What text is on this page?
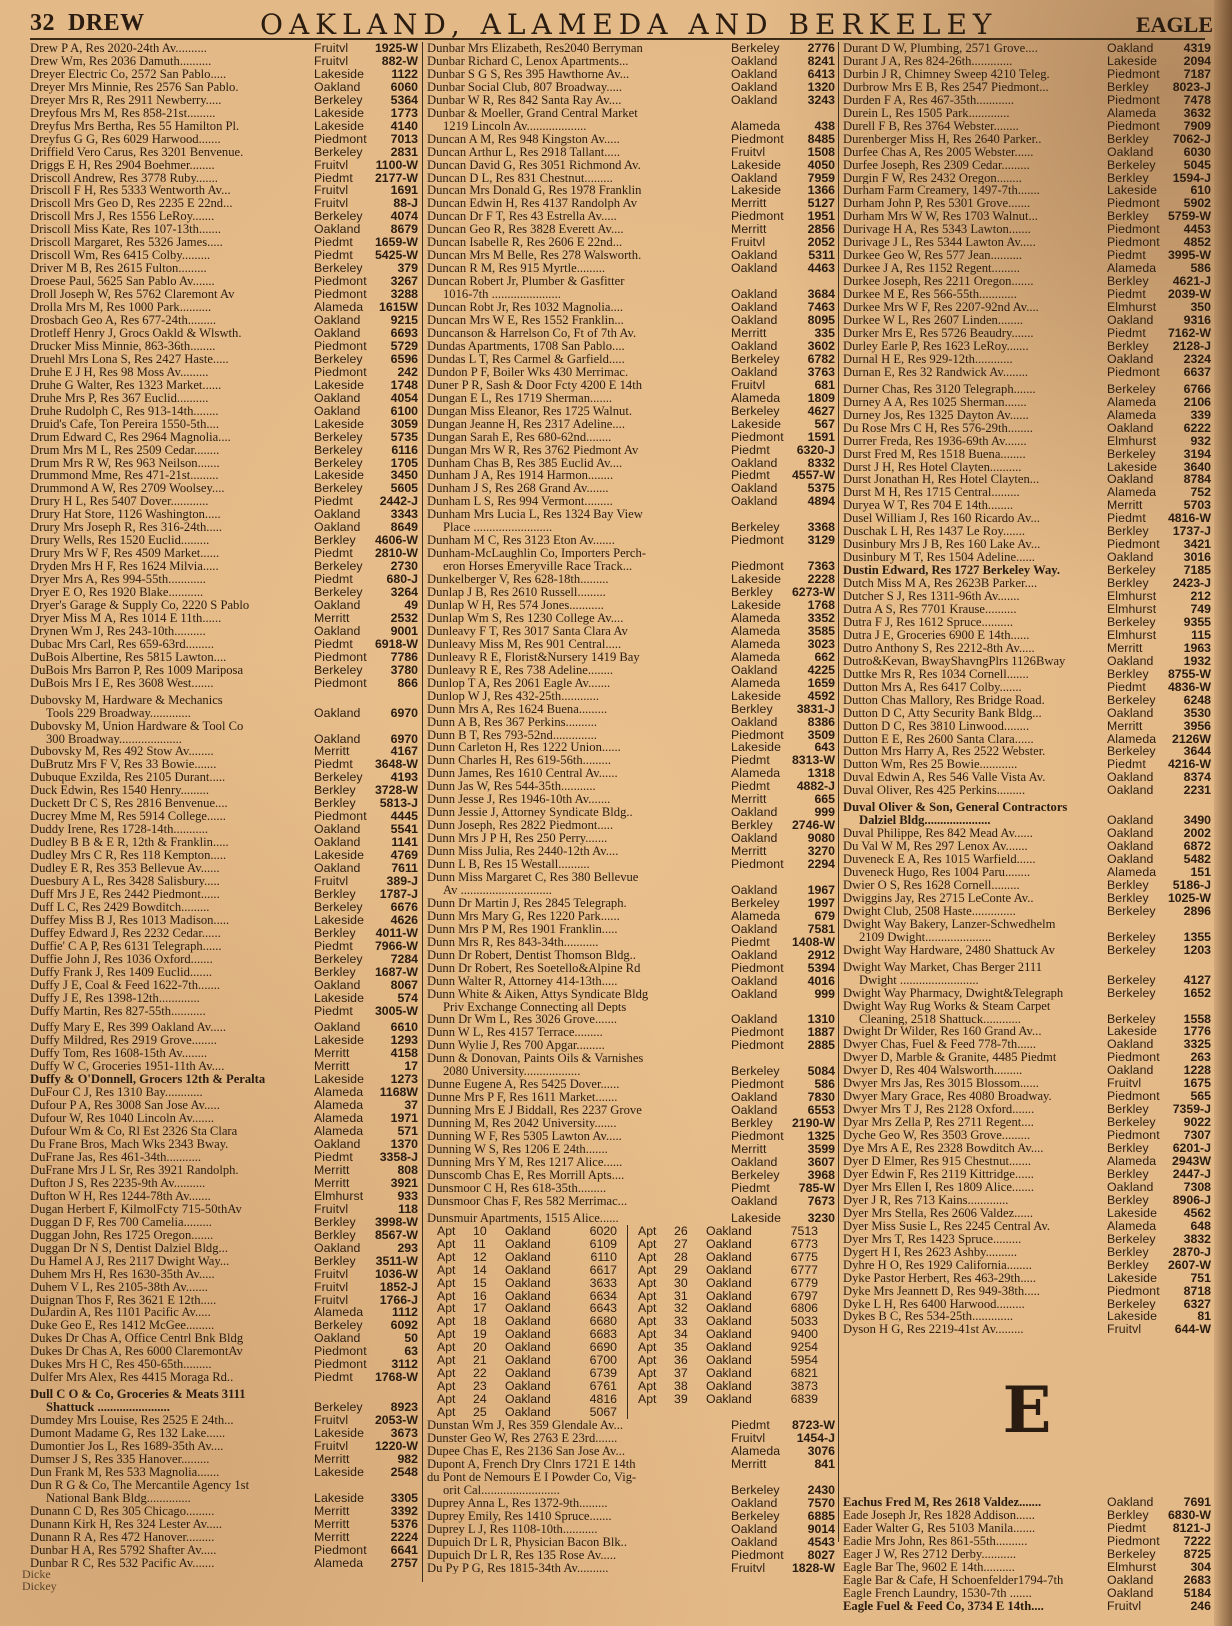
32 DREW	OAKLAND, ALAMEDA AND BERKELEY	EAGLE
Drew P A, Res 2020-24th Av..........	Fruitvl	1925-W
Drew Wm, Res 2036 Damuth..........	Fruitvl	882-W
Dreyer Electric Co, 2572 San Pablo.....	Lakeside	1122
Dreyer Mrs Minnie, Res 2576 San Pablo.	Oakland	6060
Dreyer Mrs R, Res 2911 Newberry.....	Berkeley	5364
Dreyfous Mrs M, Res 858-21st.........	Lakeside	1773
Dreyfus Mrs Bertha, Res 55 Hamilton Pl.	Lakeside	4140
Dreyfus G G, Res 6029 Harwood.......	Piedmont	7013
Driffield Vero Carus, Res 3201 Benvenue.	Berkeley	2831
Driggs E H, Res 2904 Boehmer........	Fruitvl	1100-W
Driscoll Andrew, Res 3778 Ruby.......	Piedmt	2177-W
Driscoll F H, Res 5333 Wentworth Av...	Fruitvl	1691
Driscoll Mrs Geo D, Res 2235 E 22nd...	Fruitvl	88-J
Driscoll Mrs J, Res 1556 LeRoy.......	Berkeley	4074
Driscoll Miss Kate, Res 107-13th.......	Oakland	8679
Driscoll Margaret, Res 5326 James.....	Piedmt	1659-W
Driscoll Wm, Res 6415 Colby.........	Piedmt	5425-W
Driver M B, Res 2615 Fulton.........	Berkeley	379
Droese Paul, 5625 San Pablo Av.......	Piedmont	3267
Droll Joseph W, Res 5762 Claremont Av	Piedmont	3288
Drolla Mrs M, Res 1000 Park..........	Alameda	1615W
Drosbach Geo A, Res 677-24th.........	Oakland	9215
Drotleff Henry J, Grocs Oakld & Wlswth.	Oakland	6693
Drucker Miss Minnie, 863-36th........	Piedmont	5729
Druehl Mrs Lona S, Res 2427 Haste.....	Berkeley	6596
Druhe E J H, Res 98 Moss Av.........	Piedmont	242
Druhe G Walter, Res 1323 Market......	Lakeside	1748
Druhe Mrs P, Res 367 Euclid..........	Oakland	4054
Druhe Rudolph C, Res 913-14th........	Oakland	6100
Druid's Cafe, Ton Pereira 1550-5th....	Lakeside	3059
Drum Edward C, Res 2964 Magnolia....	Berkeley	5735
Drum Mrs M L, Res 2509 Cedar........	Berkeley	6116
Drum Mrs R W, Res 963 Neilson.......	Berkeley	1705
Drummond Mme, Res 471-21st.........	Lakeside	3450
Drummond A W, Res 2709 Woolsey....	Berkeley	5605
Drury H L, Res 5407 Dover............	Piedmt	2442-J
Drury Hat Store, 1126 Washington.....	Oakland	3343
Drury Mrs Joseph R, Res 316-24th.....	Oakland	8649
Drury Wells, Res 1520 Euclid.........	Berkley	4606-W
Drury Mrs W F, Res 4509 Market......	Piedmt	2810-W
Dryden Mrs H F, Res 1624 Milvia.....	Berkeley	2730
Dryer Mrs A, Res 994-55th............	Piedmt	680-J
Dryer E O, Res 1920 Blake...........	Berkeley	3264
Dryer's Garage & Supply Co, 2220 S Pablo	Oakland	49
Dryer Miss M A, Res 1014 E 11th......	Merritt	2532
Drynen Wm J, Res 243-10th..........	Oakland	9001
Dubac Mrs Carl, Res 659-63rd.........	Piedmt	6918-W
DuBois Albertine, Res 5815 Lawton....	Piedmont	7786
DuBois Mrs Barron P, Res 1009 Mariposa	Berkeley	3780
DuBois Mrs I E, Res 3608 West.......	Piedmont	866
Dubovsky M, Hardware & Mechanics
Tools 229 Broadway.............	Oakland	6970
Dubovsky M, Union Hardware & Tool Co
300 Broadway....................	Oakland	6970
Dubovsky M, Res 492 Stow Av........	Merritt	4167
DuBrutz Mrs F V, Res 33 Bowie.......	Piedmt	3648-W
Dubuque Exzilda, Res 2105 Durant.....	Berkeley	4193
Duck Edwin, Res 1540 Henry.........	Berkley	3728-W
Duckett Dr C S, Res 2816 Benvenue....	Berkley	5813-J
Ducrey Mme M, Res 5914 College......	Piedmont	4445
Duddy Irene, Res 1728-14th...........	Oakland	5541
Dudley B B & E R, 12th & Franklin.....	Oakland	1141
Dudley Mrs C R, Res 118 Kempton.....	Lakeside	4769
Dudley E R, Res 353 Bellevue Av......	Oakland	7611
Duesbury A L, Res 3428 Salisbury.....	Fruitvl	389-J
Duff Mrs J E, Res 2442 Piedmont......	Berkley	1787-J
Duff L C, Res 2429 Bowditch.........	Berkeley	6676
Duffey Miss B J, Res 1013 Madison.....	Lakeside	4626
Duffey Edward J, Res 2232 Cedar......	Berkley	4011-W
Duffie' C A P, Res 6131 Telegraph......	Piedmt	7966-W
Duffie John J, Res 1036 Oxford.......	Berkeley	7284
Duffy Frank J, Res 1409 Euclid.......	Berkley	1687-W
Duffy J E, Coal & Feed 1622-7th.......	Oakland	8067
Duffy J E, Res 1398-12th.............	Lakeside	574
Duffy Martin, Res 827-55th...........	Piedmt	3005-W
Duffy Mary E, Res 399 Oakland Av.....	Oakland	6610
Duffy Mildred, Res 2919 Grove........	Lakeside	1293
Duffy Tom, Res 1608-15th Av........	Merritt	4158
Duffy W C, Groceries 1951-11th Av....	Merritt	17
Duffy & O'Donnell, Grocers 12th & Peralta	Lakeside	1273
DuFour C J, Res 1310 Bay............	Alameda	1168W
Dufour P A, Res 3008 San Jose Av.....	Alameda	37
Dufour W, Res 1040 Lincoln Av.......	Alameda	1971
Dufour Wm & Co, Rl Est 2326 Sta Clara	Alameda	571
Du Frane Bros, Mach Wks 2343 Bway.	Oakland	1370
DuFrane Jas, Res 461-34th...........	Piedmt	3358-J
DuFrane Mrs J L Sr, Res 3921 Randolph.	Merritt	808
Dufton J S, Res 2235-9th Av..........	Merritt	3921
Dufton W H, Res 1244-78th Av.......	Elmhurst	933
Dugan Herbert F, KilmolFcty 715-50thAv	Fruitvl	118
Duggan D F, Res 700 Camelia.........	Berkley	3998-W
Duggan John, Res 1725 Oregon.......	Berkley	8567-W
Duggan Dr N S, Dentist Dalziel Bldg...	Oakland	293
Du Hamel A J, Res 2117 Dwight Way...	Berkley	3511-W
Duhem Mrs H, Res 1630-35th Av.....	Fruitvl	1036-W
Duhem V L, Res 2105-38th Av.......	Fruitvl	1852-J
Duignan Thos F, Res 3621 E 12th.....	Fruitvl	1766-J
DuJardin A, Res 1101 Pacific Av.....	Alameda	1112
Duke Geo E, Res 1412 McGee.........	Berkeley	6092
Dukes Dr Chas A, Office Centrl Bnk Bldg	Oakland	50
Dukes Dr Chas A, Res 6000 ClaremontAv	Piedmont	63
Dukes Mrs H C, Res 450-65th.........	Piedmont	3112
Dulfer Mrs Alex, Res 4415 Moraga Rd..	Piedmt	1768-W
Dull C O & Co, Groceries & Meats 3111
Shattuck .......................	Berkeley	8923
Dumdey Mrs Louise, Res 2525 E 24th...	Fruitvl	2053-W
Dumont Madame G, Res 132 Lake......	Lakeside	3673
Dumontier Jos L, Res 1689-35th Av....	Fruitvl	1220-W
Dumser J S, Res 335 Hanover.........	Merritt	982
Dun Frank M, Res 533 Magnolia.......	Lakeside	2548
Dun R G & Co, The Mercantile Agency 1st
National Bank Bldg..............	Lakeside	3305
Dunann C D, Res 305 Chicago.........	Merritt	3392
Dunann Kirk H, Res 324 Lester Av.....	Merritt	5376
Dunann R A, Res 472 Hanover.........	Merritt	2224
Dunbar H A, Res 5792 Shafter Av.....	Piedmont	6641
Dunbar R C, Res 532 Pacific Av.......	Alameda	2757
Dunbar Mrs Elizabeth, Res2040 Berryman	Berkeley	2776
Dunbar Richard C, Lenox Apartments...	Oakland	8241
Dunbar S G S, Res 395 Hawthorne Av...	Oakland	6413
Dunbar Social Club, 807 Broadway.....	Oakland	1320
Dunbar W R, Res 842 Santa Ray Av....	Oakland	3243
Dunbar & Moeller, Grand Central Market
1219 Lincoln Av...................	Alameda	438
Duncan A M, Res 948 Kingston Av.....	Piedmont	8485
Duncan Arthur L, Res 2918 Tallant.....	Fruitvl	1508
Duncan David G, Res 3051 Richmond Av.	Lakeside	4050
Duncan D L, Res 831 Chestnut.........	Oakland	7959
Duncan Mrs Donald G, Res 1978 Franklin	Lakeside	1366
Duncan Edwin H, Res 4137 Randolph Av	Merritt	5127
Duncan Dr F T, Res 43 Estrella Av.....	Piedmont	1951
Duncan Geo R, Res 3828 Everett Av....	Merritt	2856
Duncan Isabelle R, Res 2606 E 22nd...	Fruitvl	2052
Duncan Mrs M Belle, Res 278 Walsworth.	Oakland	5311
Duncan R M, Res 915 Myrtle.........	Oakland	4463
Duncan Robert Jr, Plumber & Gasfitter
1016-7th ......................	Oakland	3684
Duncan Robt Jr, Res 1032 Magnolia....	Oakland	7463
Duncan Mrs W E, Res 1552 Franklin...	Oakland	8095
Duncanson & Harrelson Co, Ft of 7th Av.	Merritt	335
Dundas Apartments, 1708 San Pablo....	Oakland	3602
Dundas L T, Res Carmel & Garfield.....	Berkeley	6782
Dundon P F, Boiler Wks 430 Merrimac.	Oakland	3763
Duner P R, Sash & Door Fcty 4200 E 14th	Fruitvl	681
Dungan E L, Res 1719 Sherman.......	Alameda	1809
Dungan Miss Eleanor, Res 1725 Walnut.	Berkeley	4627
Dungan Jeanne H, Res 2317 Adeline....	Lakeside	567
Dungan Sarah E, Res 680-62nd........	Piedmont	1591
Dungan Mrs W R, Res 3762 Piedmont Av	Piedmt	6320-J
Dunham Chas B, Res 385 Euclid Av....	Oakland	8332
Dunham J A, Res 1914 Harmon........	Piedmt	4557-W
Dunham J S, Res 268 Grand Av.......	Oakland	5375
Dunham L S, Res 994 Vermont.........	Oakland	4894
Dunham Mrs Lucia L, Res 1324 Bay View
Place .........................	Berkeley	3368
Dunham M C, Res 3123 Eton Av.......	Piedmont	3129
Dunham-McLaughlin Co, Importers Perch-
eron Horses Emeryville Race Track...	Piedmont	7363
Dunkelberger V, Res 628-18th.........	Lakeside	2228
Dunlap J B, Res 2610 Russell.........	Berkley	6273-W
Dunlap W H, Res 574 Jones...........	Lakeside	1768
Dunlap Wm S, Res 1230 College Av....	Alameda	3352
Dunleavy F T, Res 3017 Santa Clara Av	Alameda	3585
Dunleavy Miss M, Res 901 Central.....	Alameda	3023
Dunleavy R E, Florist&Nursery 1419 Bay	Alameda	662
Dunleavy R E, Res 738 Adeline........	Oakland	4225
Dunlop T A, Res 2061 Eagle Av.......	Alameda	1659
Dunlop W J, Res 432-25th............	Lakeside	4592
Dunn Mrs A, Res 1624 Buena.........	Berkley	3831-J
Dunn A B, Res 367 Perkins..........	Oakland	8386
Dunn B T, Res 793-52nd..............	Piedmont	3509
Dunn Carleton H, Res 1222 Union......	Lakeside	643
Dunn Charles H, Res 619-56th.........	Piedmt	8313-W
Dunn James, Res 1610 Central Av......	Alameda	1318
Dunn Jas W, Res 544-35th...........	Piedmt	4882-J
Dunn Jesse J, Res 1946-10th Av.......	Merritt	665
Dunn Jessie J, Attorney Syndicate Bldg..	Oakland	999
Dunn Joseph, Res 2822 Piedmont.....	Berkley	2746-W
Dunn Mrs J P H, Res 250 Perry.......	Oakland	9080
Dunn Miss Julia, Res 2440-12th Av....	Merritt	3270
Dunn L B, Res 15 Westall..........	Piedmont	2294
Dunn Miss Margaret C, Res 380 Bellevue
Av .............................	Oakland	1967
Dunn Dr Martin J, Res 2845 Telegraph.	Berkeley	1997
Dunn Mrs Mary G, Res 1220 Park......	Alameda	679
Dunn Mrs P M, Res 1901 Franklin.....	Oakland	7581
Dunn Mrs R, Res 843-34th...........	Piedmt	1408-W
Dunn Dr Robert, Dentist Thomson Bldg..	Oakland	2912
Dunn Dr Robert, Res Soetello&Alpine Rd	Piedmont	5394
Dunn Walter R, Attorney 414-13th.....	Oakland	4016
Dunn White & Aiken, Attys Syndicate Bldg	Oakland	999
Priv Exchange Connecting all Depts
Dunn Dr Wm L, Res 3026 Grove.......	Oakland	1310
Dunn W L, Res 4157 Terrace.........	Piedmont	1887
Dunn Wylie J, Res 700 Apgar.........	Piedmont	2885
Dunn & Donovan, Paints Oils & Varnishes
2080 University..................	Berkeley	5084
Dunne Eugene A, Res 5425 Dover......	Piedmont	586
Dunne Mrs P F, Res 1611 Market.......	Oakland	7830
Dunning Mrs E J Biddall, Res 2237 Grove	Oakland	6553
Dunning M, Res 2042 University.......	Berkley	2190-W
Dunning W F, Res 5305 Lawton Av.....	Piedmont	1325
Dunning W S, Res 1206 E 24th.......	Merritt	3599
Dunning Mrs Y M, Res 1217 Alice......	Oakland	3607
Dunscomb Chas E, Res Morrill Apts....	Berkeley	3968
Dunsmoor C H, Res 618-35th.........	Piedmt	785-W
Dunsmoor Chas F, Res 582 Merrimac...	Oakland	7673
Dunsmuir Apartments, 1515 Alice......	Lakeside	3230
Apt	10	Oakland	6020
Apt	11	Oakland	6109
Apt	12	Oakland	6110
Apt	14	Oakland	6617
Apt	15	Oakland	3633
Apt	16	Oakland	6634
Apt	17	Oakland	6643
Apt	18	Oakland	6680
Apt	19	Oakland	6683
Apt	20	Oakland	6690
Apt	21	Oakland	6700
Apt	22	Oakland	6739
Apt	23	Oakland	6761
Apt	24	Oakland	4816
Apt	25	Oakland	5067
Apt	26	Oakland	7513
Apt	27	Oakland	6773
Apt	28	Oakland	6775
Apt	29	Oakland	6777
Apt	30	Oakland	6779
Apt	31	Oakland	6797
Apt	32	Oakland	6806
Apt	33	Oakland	5033
Apt	34	Oakland	9400
Apt	35	Oakland	9254
Apt	36	Oakland	5954
Apt	37	Oakland	6821
Apt	38	Oakland	3873
Apt	39	Oakland	6839
Dunstan Wm J, Res 359 Glendale Av...	Piedmt	8723-W
Dunster Geo W, Res 2763 E 23rd.......	Fruitvl	1454-J
Dupee Chas E, Res 2136 San Jose Av...	Alameda	3076
Dupont A, French Dry Clnrs 1721 E 14th	Merritt	841
du Pont de Nemours E I Powder Co, Vig-
orit Cal.........................	Berkeley	2430
Duprey Anna L, Res 1372-9th.........	Oakland	7570
Duprey Emily, Res 1410 Spruce.......	Berkeley	6885
Duprey L J, Res 1108-10th...........	Oakland	9014
Dupuich Dr L R, Physician Bacon Blk..	Oakland	4543
Dupuich Dr L R, Res 135 Rose Av.....	Piedmont	8027
Du Py P G, Res 1815-34th Av..........	Fruitvl	1828-W
Durant D W, Plumbing, 2571 Grove....	Oakland	4319
Durant J A, Res 824-26th.............	Lakeside	2094
Durbin J R, Chimney Sweep 4210 Teleg.	Piedmont	7187
Durbrow Mrs E B, Res 2547 Piedmont...	Berkley	8023-J
Durden F A, Res 467-35th............	Piedmont	7478
Durein L, Res 1505 Park.............	Alameda	3632
Durell F B, Res 3764 Webster........	Piedmont	7909
Durenberger Miss H, Res 2640 Parker..	Berkley	7062-J
Durfee Chas A, Res 2005 Webster......	Oakland	6030
Durfee Joseph, Res 2309 Cedar.........	Berkeley	5045
Durgin F W, Res 2432 Oregon........	Berkley	1594-J
Durham Farm Creamery, 1497-7th.......	Lakeside	610
Durham John P, Res 5301 Grove.......	Piedmont	5902
Durham Mrs W W, Res 1703 Walnut...	Berkley	5759-W
Durivage H A, Res 5343 Lawton.......	Piedmont	4453
Durivage J L, Res 5344 Lawton Av.....	Piedmont	4852
Durkee Geo W, Res 577 Jean..........	Piedmt	3995-W
Durkee J A, Res 1152 Regent.........	Alameda	586
Durkee Joseph, Res 2211 Oregon.......	Berkley	4621-J
Durkee M E, Res 566-55th............	Piedmt	2039-W
Durkee Mrs W F, Res 2207-92nd Av....	Elmhurst	350
Durkee W L, Res 2607 Linden........	Oakland	9316
Durker Mrs E, Res 5726 Beaudry.......	Piedmt	7162-W
Durley Earle P, Res 1623 LeRoy.......	Berkley	2128-J
Durnal H E, Res 929-12th............	Oakland	2324
Durnan E, Res 32 Randwick Av........	Piedmont	6637
Durner Chas, Res 3120 Telegraph.......	Berkeley	6766
Durney A A, Res 1025 Sherman.......	Alameda	2106
Durney Jos, Res 1325 Dayton Av......	Alameda	339
Du Rose Mrs C H, Res 576-29th........	Oakland	6222
Durrer Freda, Res 1936-69th Av.......	Elmhurst	932
Durst Fred M, Res 1518 Buena........	Berkeley	3194
Durst J H, Res Hotel Clayten..........	Lakeside	3640
Durst Jonathan H, Res Hotel Clayten...	Oakland	8784
Durst M H, Res 1715 Central.........	Alameda	752
Duryea W T, Res 704 E 14th........	Merritt	5703
Dusel William J, Res 160 Ricardo Av...	Piedmt	4816-W
Duschak L H, Res 1437 Le Roy.......	Berkley	1737-J
Dusinbury Mrs J B, Res 160 Lake Av...	Piedmont	3421
Dusinbury M T, Res 1504 Adeline......	Oakland	3016
Dustin Edward, Res 1727 Berkeley Way.	Berkeley	7185
Dutch Miss M A, Res 2623B Parker....	Berkley	2423-J
Dutcher S J, Res 1311-96th Av.......	Elmhurst	212
Dutra A S, Res 7701 Krause..........	Elmhurst	749
Dutra F J, Res 1612 Spruce..........	Berkeley	9355
Dutra J E, Groceries 6900 E 14th......	Elmhurst	115
Dutro Anthony S, Res 2212-8th Av.....	Merritt	1963
Dutro&Kevan, BwayShavngPlrs 1126Bway	Oakland	1932
Duttke Mrs R, Res 1034 Cornell.......	Berkley	8755-W
Dutton Mrs A, Res 6417 Colby.......	Piedmt	4836-W
Dutton Chas Mallory, Res Bridge Road.	Berkeley	6248
Dutton D C, Atty Security Bank Bldg...	Oakland	3530
Dutton D C, Res 3810 Linwood........	Merritt	3956
Dutton E E, Res 2600 Santa Clara......	Alameda	2126W
Dutton Mrs Harry A, Res 2522 Webster.	Berkeley	3644
Dutton Wm, Res 25 Bowie............	Piedmt	4216-W
Duval Edwin A, Res 546 Valle Vista Av.	Oakland	8374
Duval Oliver, Res 425 Perkins.........	Oakland	2231
Duval Oliver & Son, General Contractors
Dalziel Bldg.....................	Oakland	3490
Duval Philippe, Res 842 Mead Av......	Oakland	2002
Du Val W M, Res 297 Lenox Av.......	Oakland	6872
Duveneck E A, Res 1015 Warfield......	Oakland	5482
Duveneck Hugo, Res 1004 Paru........	Alameda	151
Dwier O S, Res 1628 Cornell.........	Berkley	5186-J
Dwiggins Jay, Res 2715 LeConte Av..	Berkley	1025-W
Dwight Club, 2508 Haste..............	Berkeley	2896
Dwight Way Bakery, Lanzer-Schwedhelm
2109 Dwight.....................	Berkeley	1355
Dwight Way Hardware, 2480 Shattuck Av	Berkeley	1203
Dwight Way Market, Chas Berger 2111
Dwight .........................	Berkeley	4127
Dwight Way Pharmacy, Dwight&Telegraph	Berkeley	1652
Dwight Way Rug Works & Steam Carpet
Cleaning, 2518 Shattuck............	Berkeley	1558
Dwight Dr Wilder, Res 160 Grand Av...	Lakeside	1776
Dwyer Chas, Fuel & Feed 778-7th......	Oakland	3325
Dwyer D, Marble & Granite, 4485 Piedmt	Piedmont	263
Dwyer D, Res 404 Walsworth.........	Oakland	1228
Dwyer Mrs Jas, Res 3015 Blossom......	Fruitvl	1675
Dwyer Mary Grace, Res 4080 Broadway.	Piedmont	565
Dwyer Mrs T J, Res 2128 Oxford.......	Berkley	7359-J
Dyar Mrs Zella P, Res 2711 Regent....	Berkeley	9022
Dyche Geo W, Res 3503 Grove.........	Piedmont	7307
Dye Mrs A E, Res 2328 Bowditch Av....	Berkley	6201-J
Dyer D Elmer, Res 915 Chestnut.......	Alameda	2943W
Dyer Edwin F, Res 2119 Kittridge......	Berkley	2447-J
Dyer Mrs Ellen I, Res 1809 Alice.......	Oakland	7308
Dyer J R, Res 713 Kains.............	Berkley	8906-J
Dyer Mrs Stella, Res 2606 Valdez......	Lakeside	4562
Dyer Miss Susie L, Res 2245 Central Av.	Alameda	648
Dyer Mrs T, Res 1423 Spruce.........	Berkeley	3832
Dygert H I, Res 2623 Ashby..........	Berkley	2870-J
Dyhre H O, Res 1929 California........	Berkley	2607-W
Dyke Pastor Herbert, Res 463-29th.....	Lakeside	751
Dyke Mrs Jeannett D, Res 949-38th.....	Piedmont	8718
Dyke L H, Res 6400 Harwood.........	Berkeley	6327
Dykes B C, Res 534-25th.............	Lakeside	81
Dyson H G, Res 2219-41st Av.........	Fruitvl	644-W
E
Eachus Fred M, Res 2618 Valdez.......	Oakland	7691
Eade Joseph Jr, Res 1828 Addison......	Berkley	6830-W
Eader Walter G, Res 5103 Manila.......	Piedmt	8121-J
Eadie Mrs John, Res 861-55th..........	Piedmont	7222
Eager J W, Res 2712 Derby...........	Berkeley	8725
Eagle Bar The, 9602 E 14th..........	Elmhurst	304
Eagle Bar & Cafe, H Schoenfelder1794-7th	Oakland	2683
Eagle French Laundry, 1530-7th .......	Oakland	5184
Eagle Fuel & Feed Co, 3734 E 14th....	Fruitvl	246
Dicke
Dickey
